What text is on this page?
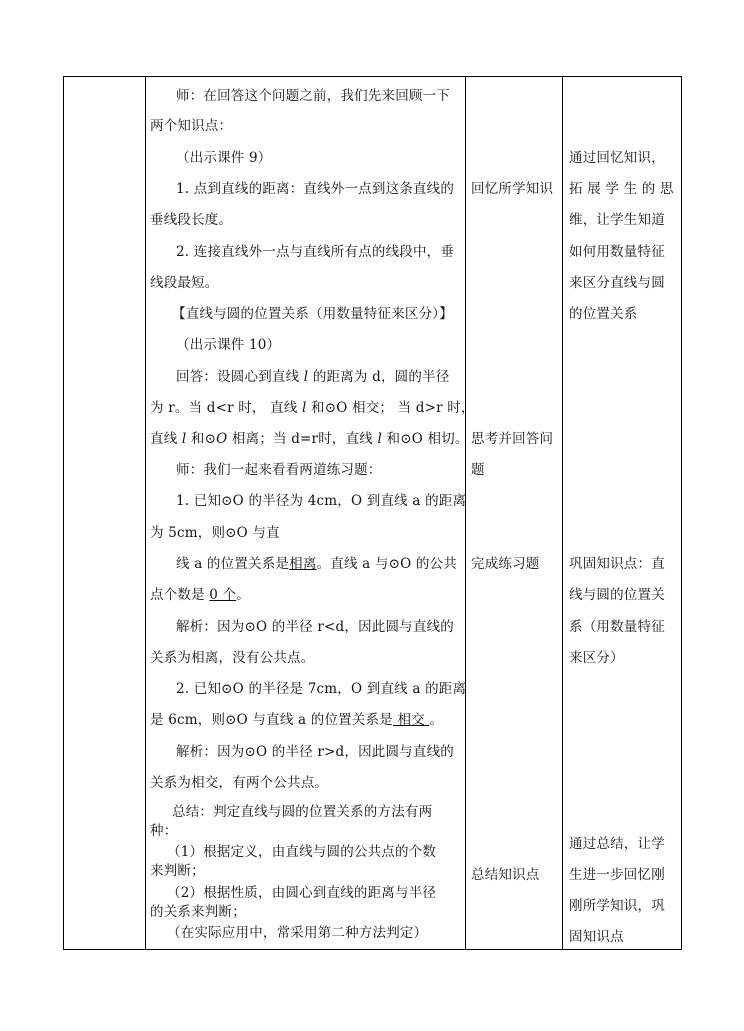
师：在回答这个问题之前，我们先来回顾一下
两个知识点：
（出示课件 9）
1. 点到直线的距离：直线外一点到这条直线的
垂线段长度。
2. 连接直线外一点与直线所有点的线段中，垂
线段最短。
【直线与圆的位置关系（用数量特征来区分）】
（出示课件 10）
回答：设圆心到直线 l 的距离为 d，圆的半径
为 r。当 d<r 时， 直线 l 和⊙O 相交； 当 d>r 时，
直线 l 和⊙O 相离；当 d=r时，直线 l 和⊙O 相切。
师：我们一起来看看两道练习题：
1. 已知⊙O 的半径为 4cm，O 到直线 a 的距离
为 5cm，则⊙O 与直
线 a 的位置关系是相离。直线 a 与⊙O 的公共
点个数是 0 个。
解析：因为⊙O 的半径 r<d，因此圆与直线的
关系为相离，没有公共点。
2. 已知⊙O 的半径是 7cm，O 到直线 a 的距离
是 6cm，则⊙O 与直线 a 的位置关系是 相交 。
解析：因为⊙O 的半径 r>d，因此圆与直线的
关系为相交，有两个公共点。
总结：判定直线与圆的位置关系的方法有两
种：
（1）根据定义，由直线与圆的公共点的个数
来判断；
（2）根据性质，由圆心到直线的距离与半径
的关系来判断；
（在实际应用中，常采用第二种方法判定）
回忆所学知识
思考并回答问
题
完成练习题
总结知识点
通过回忆知识，
拓 展 学 生 的 思
维，让学生知道
如何用数量特征
来区分直线与圆
的位置关系
巩固知识点：直
线与圆的位置关
系（用数量特征
来区分）
通过总结，让学
生进一步回忆刚
刚所学知识，巩
固知识点
